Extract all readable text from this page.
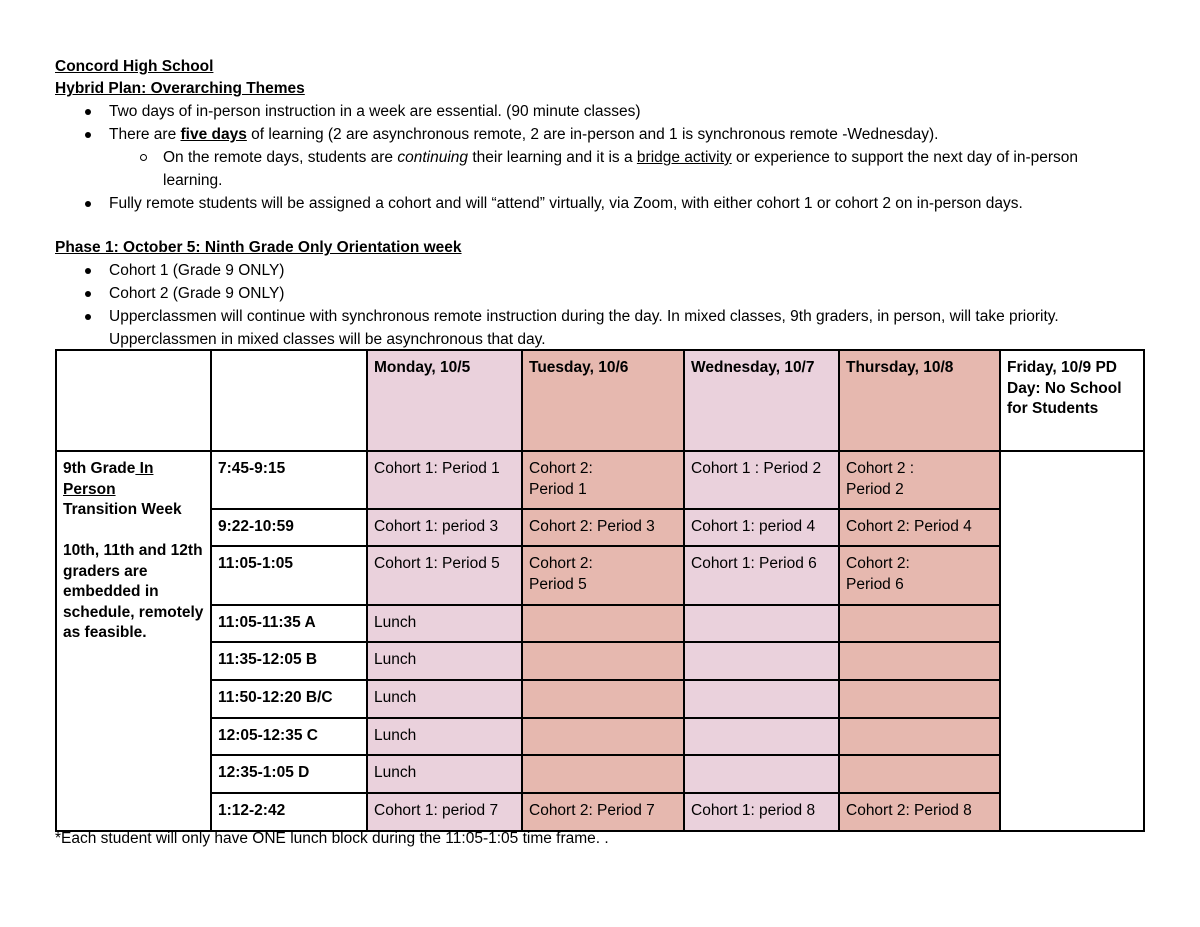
Concord High School
Hybrid Plan: Overarching Themes
Two days of in-person instruction in a week are essential. (90 minute classes)
There are five days of learning (2 are asynchronous remote, 2 are in-person and 1 is synchronous remote -Wednesday).
On the remote days, students are continuing their learning and it is a bridge activity or experience to support the next day of in-person learning.
Fully remote students will be assigned a cohort and will “attend” virtually, via Zoom, with either cohort 1 or cohort 2 on in-person days.
Phase 1: October 5: Ninth Grade Only Orientation week
Cohort 1 (Grade 9 ONLY)
Cohort 2 (Grade 9 ONLY)
Upperclassmen will continue with synchronous remote instruction during the day. In mixed classes, 9th graders, in person, will take priority. Upperclassmen in mixed classes will be asynchronous that day.
		Monday, 10/5	Tuesday, 10/6	Wednesday, 10/7	Thursday, 10/8	Friday, 10/9 PD Day: No School for Students
9th Grade In Person
Transition Week

10th, 11th and 12th graders are embedded in schedule, remotely as feasible.	7:45-9:15	Cohort 1: Period 1	Cohort 2:
Period 1	Cohort 1 : Period 2	Cohort 2 :
Period 2	
	9:22-10:59	Cohort 1: period 3	Cohort 2: Period 3	Cohort 1: period 4	Cohort 2: Period 4	
	11:05-1:05	Cohort 1: Period 5	Cohort 2:
Period 5	Cohort 1: Period 6	Cohort 2:
Period 6	
	11:05-11:35 A	Lunch				
	11:35-12:05 B	Lunch				
	11:50-12:20 B/C	Lunch				
	12:05-12:35 C	Lunch				
	12:35-1:05 D	Lunch				
	1:12-2:42	Cohort 1: period 7	Cohort 2: Period 7	Cohort 1: period 8	Cohort 2: Period 8	
*Each student will only have ONE lunch block during the 11:05-1:05 time frame. .
